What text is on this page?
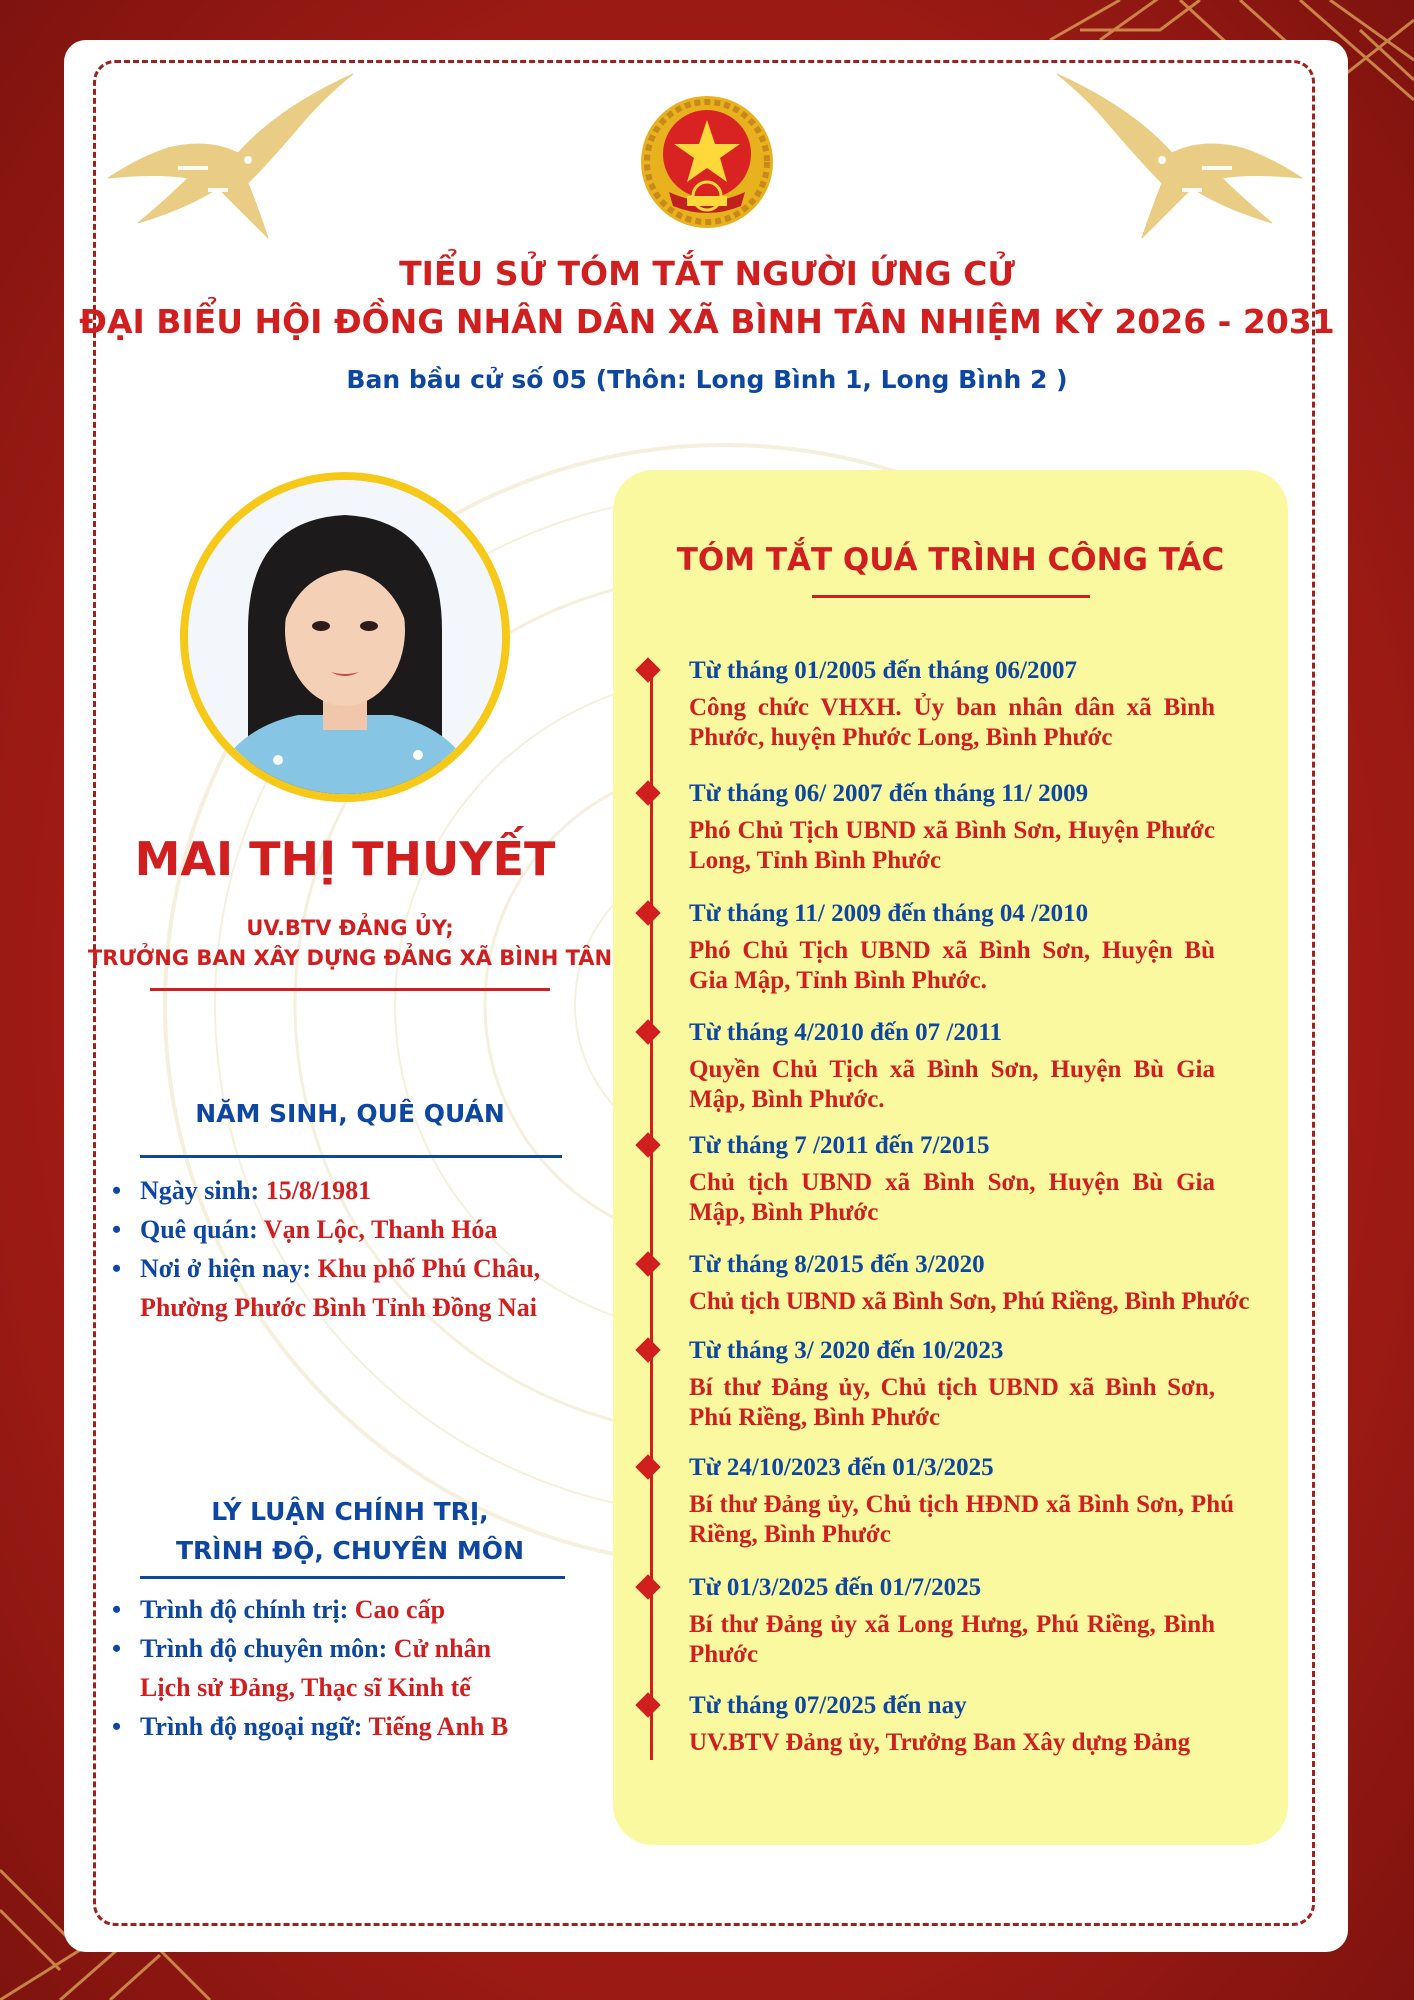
TIỂU SỬ TÓM TẮT NGƯỜI ỨNG CỬ
ĐẠI BIỂU HỘI ĐỒNG NHÂN DÂN XÃ BÌNH TÂN NHIỆM KỲ 2026 - 2031
Ban bầu cử số 05 (Thôn: Long Bình 1, Long Bình 2 )
MAI THỊ THUYẾT
UV.BTV ĐẢNG ỦY;
TRƯỞNG BAN XÂY DỰNG ĐẢNG XÃ BÌNH TÂN
NĂM SINH, QUÊ QUÁN
• Ngày sinh: 15/8/1981
• Quê quán: Vạn Lộc, Thanh Hóa
• Nơi ở hiện nay: Khu phố Phú Châu,
Phường Phước Bình Tỉnh Đồng Nai
LÝ LUẬN CHÍNH TRỊ,
TRÌNH ĐỘ, CHUYÊN MÔN
• Trình độ chính trị: Cao cấp
• Trình độ chuyên môn: Cử nhân
Lịch sử Đảng, Thạc sĩ Kinh tế
• Trình độ ngoại ngữ: Tiếng Anh B
TÓM TẮT QUÁ TRÌNH CÔNG TÁC
Từ tháng 01/2005 đến tháng 06/2007
Công chức VHXH. Ủy ban nhân dân xã Bình Phước, huyện Phước Long, Bình Phước
Từ tháng 06/ 2007 đến tháng 11/ 2009
Phó Chủ Tịch UBND xã Bình Sơn, Huyện Phước Long, Tỉnh Bình Phước
Từ tháng 11/ 2009 đến tháng 04 /2010
Phó Chủ Tịch UBND xã Bình Sơn, Huyện Bù Gia Mập, Tỉnh Bình Phước.
Từ tháng 4/2010 đến 07 /2011
Quyền Chủ Tịch xã Bình Sơn, Huyện Bù Gia Mập, Bình Phước.
Từ tháng 7 /2011 đến 7/2015
Chủ tịch UBND xã Bình Sơn, Huyện Bù Gia Mập, Bình Phước
Từ tháng 8/2015 đến 3/2020
Chủ tịch UBND xã Bình Sơn, Phú Riềng, Bình Phước
Từ tháng 3/ 2020 đến 10/2023
Bí thư Đảng ủy, Chủ tịch UBND xã Bình Sơn, Phú Riềng, Bình Phước
Từ 24/10/2023 đến 01/3/2025
Bí thư Đảng ủy, Chủ tịch HĐND xã Bình Sơn, Phú Riềng, Bình Phước
Từ 01/3/2025 đến 01/7/2025
Bí thư Đảng ủy xã Long Hưng, Phú Riềng, Bình Phước
Từ tháng 07/2025 đến nay
UV.BTV Đảng ủy, Trưởng Ban Xây dựng Đảng
